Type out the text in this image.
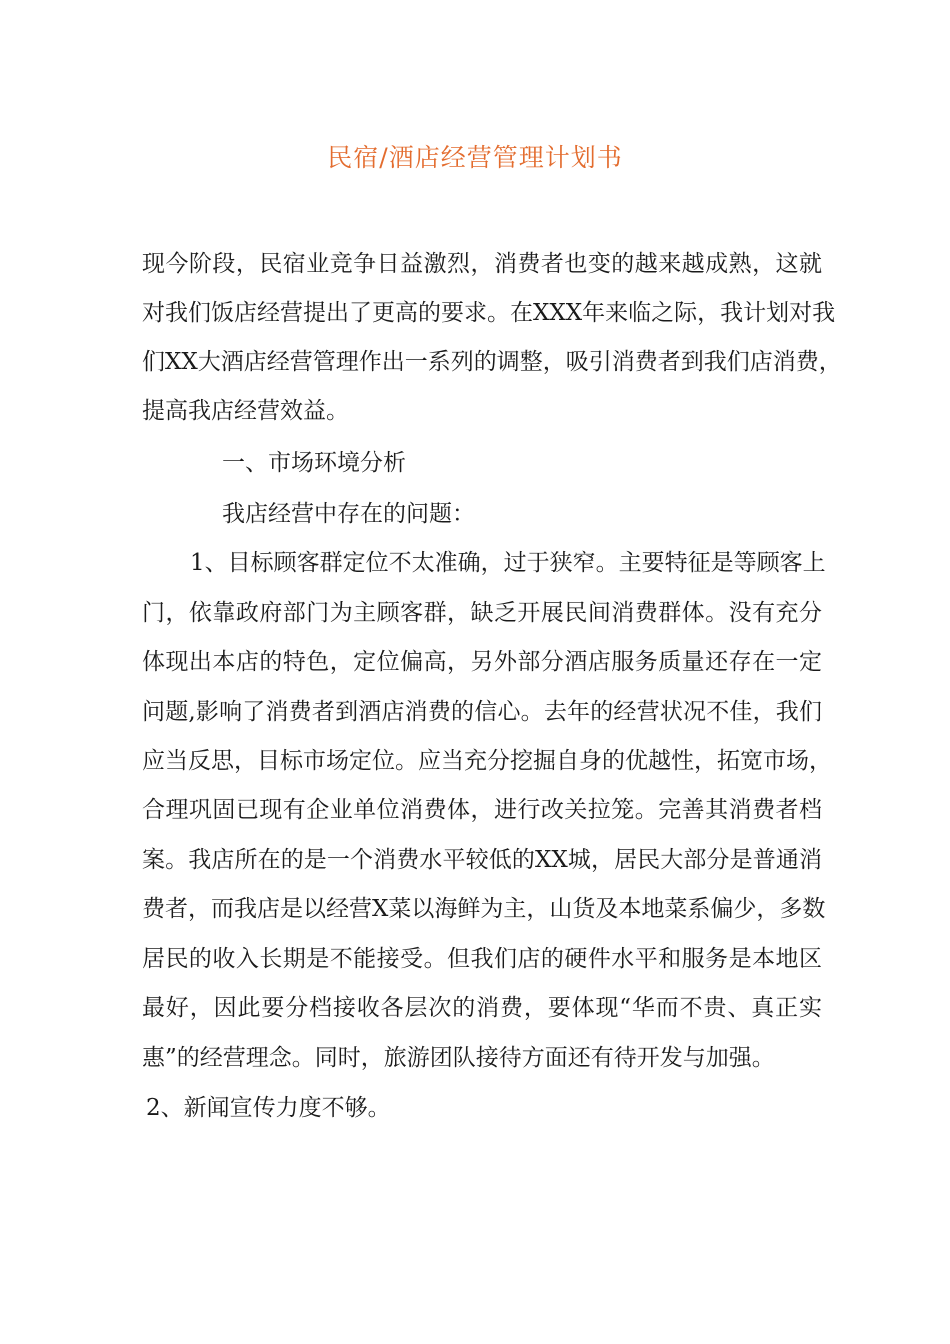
民宿/酒店经营管理计划书
现今阶段，民宿业竞争日益激烈，消费者也变的越来越成熟，这就
对我们饭店经营提出了更高的要求。在XXX年来临之际，我计划对我
们XX大酒店经营管理作出一系列的调整，吸引消费者到我们店消费，
提高我店经营效益。
一、市场环境分析
我店经营中存在的问题：
1、目标顾客群定位不太准确，过于狭窄。主要特征是等顾客上
门，依靠政府部门为主顾客群，缺乏开展民间消费群体。没有充分
体现出本店的特色，定位偏高，另外部分酒店服务质量还存在一定
问题,影响了消费者到酒店消费的信心。去年的经营状况不佳，我们
应当反思，目标市场定位。应当充分挖掘自身的优越性，拓宽市场，
合理巩固已现有企业单位消费体，进行改关拉笼。完善其消费者档
案。我店所在的是一个消费水平较低的XX城，居民大部分是普通消
费者，而我店是以经营X菜以海鲜为主，山货及本地菜系偏少，多数
居民的收入长期是不能接受。但我们店的硬件水平和服务是本地区
最好，因此要分档接收各层次的消费，要体现“华而不贵、真正实
惠”的经营理念。同时，旅游团队接待方面还有待开发与加强。
2、新闻宣传力度不够。
